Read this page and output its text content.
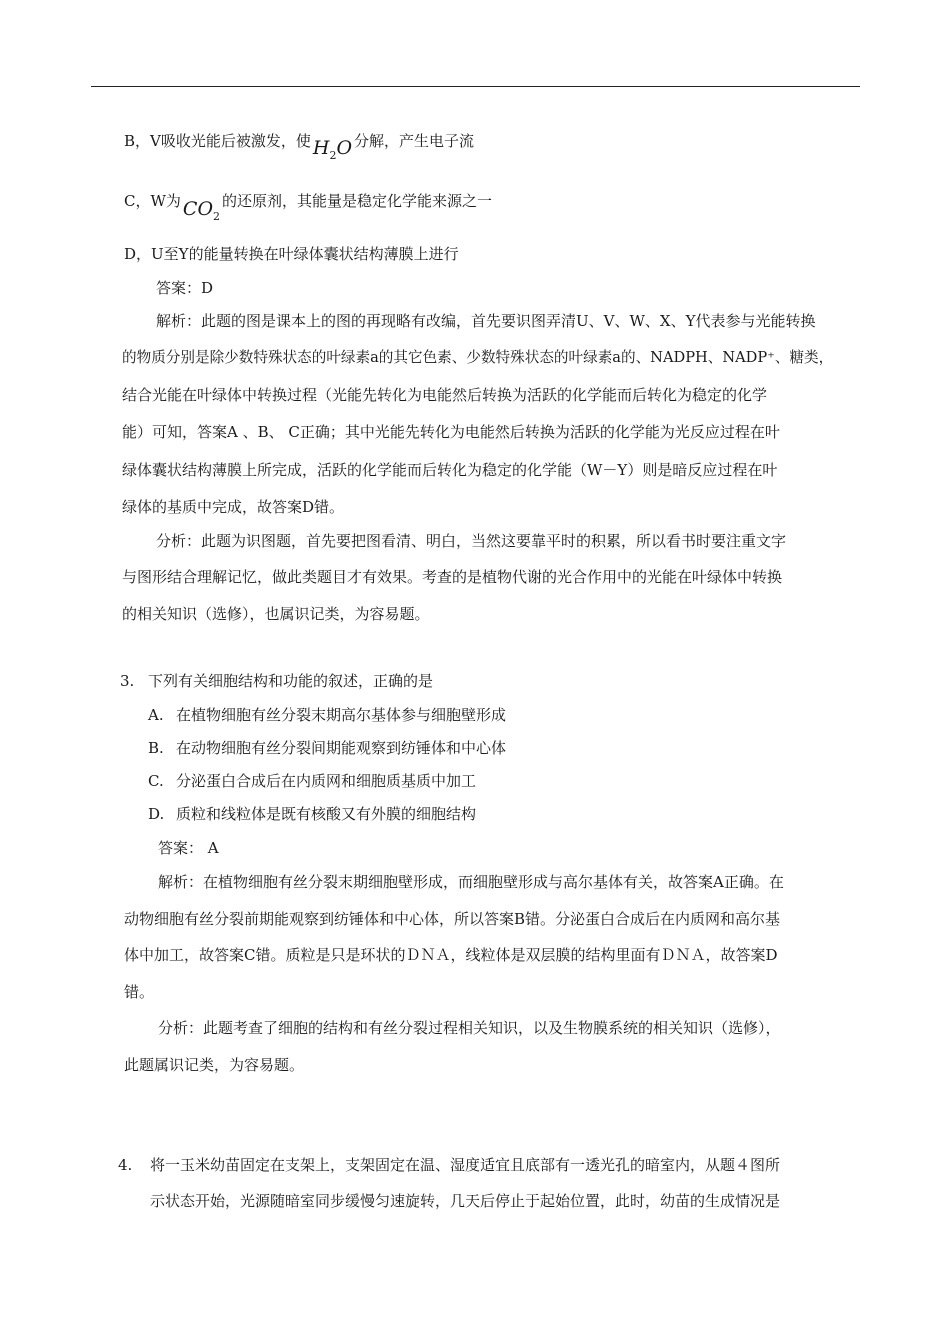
B，V吸收光能后被激发，使 $H_2O$ 分解，产生电子流
C，W为 $CO_2$的还原剂，其能量是稳定化学能来源之一
D，U至Y的能量转换在叶绿体囊状结构薄膜上进行
答案：D
解析：此题的图是课本上的图的再现略有改编，首先要识图弄清U、V、W、X、Y代表参与光能转换
的物质分别是除少数特殊状态的叶绿素a的其它色素、少数特殊状态的叶绿素a的、NADPH、NADP⁺、糖类，
结合光能在叶绿体中转换过程（光能先转化为电能然后转换为活跃的化学能而后转化为稳定的化学
能）可知，答案A 、B、 C正确；其中光能先转化为电能然后转换为活跃的化学能为光反应过程在叶
绿体囊状结构薄膜上所完成，活跃的化学能而后转化为稳定的化学能（W－Y）则是暗反应过程在叶
绿体的基质中完成，故答案D错。
分析：此题为识图题，首先要把图看清、明白，当然这要靠平时的积累，所以看书时要注重文字
与图形结合理解记忆，做此类题目才有效果。考查的是植物代谢的光合作用中的光能在叶绿体中转换
的相关知识（选修），也属识记类，为容易题。
3. 下列有关细胞结构和功能的叙述，正确的是
A. 在植物细胞有丝分裂末期高尔基体参与细胞壁形成
B. 在动物细胞有丝分裂间期能观察到纺锤体和中心体
C. 分泌蛋白合成后在内质网和细胞质基质中加工
D. 质粒和线粒体是既有核酸又有外膜的细胞结构
答案： A
解析：在植物细胞有丝分裂末期细胞壁形成，而细胞壁形成与高尔基体有关，故答案A正确。在
动物细胞有丝分裂前期能观察到纺锤体和中心体，所以答案B错。分泌蛋白合成后在内质网和高尔基
体中加工，故答案C错。质粒是只是环状的ＤＮＡ，线粒体是双层膜的结构里面有ＤＮＡ，故答案D
错。
分析：此题考查了细胞的结构和有丝分裂过程相关知识，以及生物膜系统的相关知识（选修），
此题属识记类，为容易题。
4. 将一玉米幼苗固定在支架上，支架固定在温、湿度适宜且底部有一透光孔的暗室内，从题４图所
示状态开始，光源随暗室同步缓慢匀速旋转，几天后停止于起始位置，此时，幼苗的生成情况是
